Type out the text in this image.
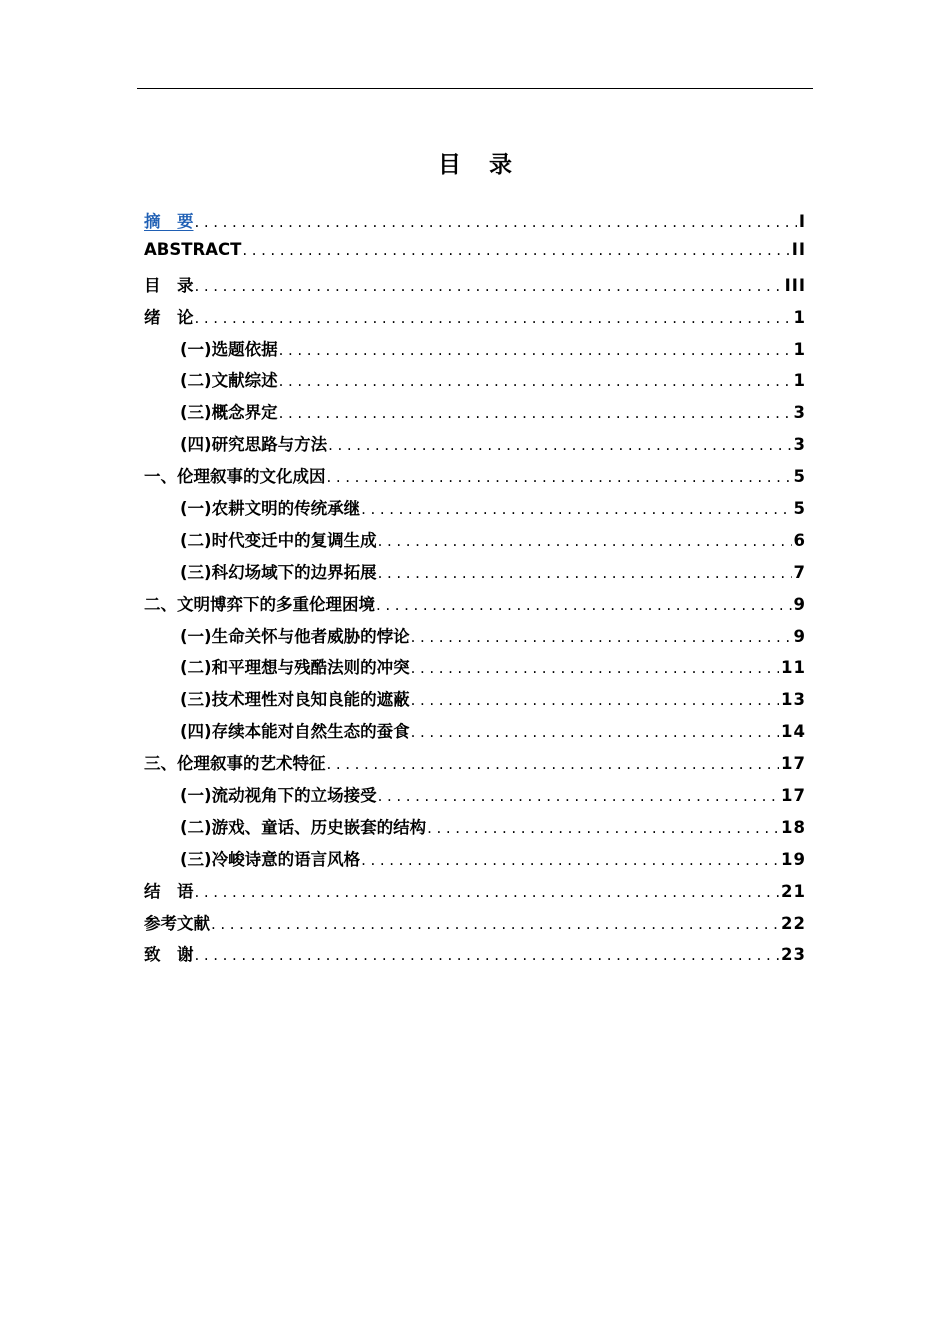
目 录
摘　要 .....	I
ABSTRACT .....	II
目　录 .....	III
绪　论 .....	1
(一)选题依据 .....	1
(二)文献综述 .....	1
(三)概念界定 .....	3
(四)研究思路与方法 .....	3
一、伦理叙事的文化成因 .....	5
(一)农耕文明的传统承继 .....	5
(二)时代变迁中的复调生成 .....	6
(三)科幻场域下的边界拓展 .....	7
二、文明博弈下的多重伦理困境 .....	9
(一)生命关怀与他者威胁的悖论 .....	9
(二)和平理想与残酷法则的冲突 .....	11
(三)技术理性对良知良能的遮蔽 .....	13
(四)存续本能对自然生态的蚕食 .....	14
三、伦理叙事的艺术特征 .....	17
(一)流动视角下的立场接受 .....	17
(二)游戏、童话、历史嵌套的结构 .....	18
(三)冷峻诗意的语言风格 .....	19
结　语 .....	21
参考文献 .....	22
致　谢 .....	23
